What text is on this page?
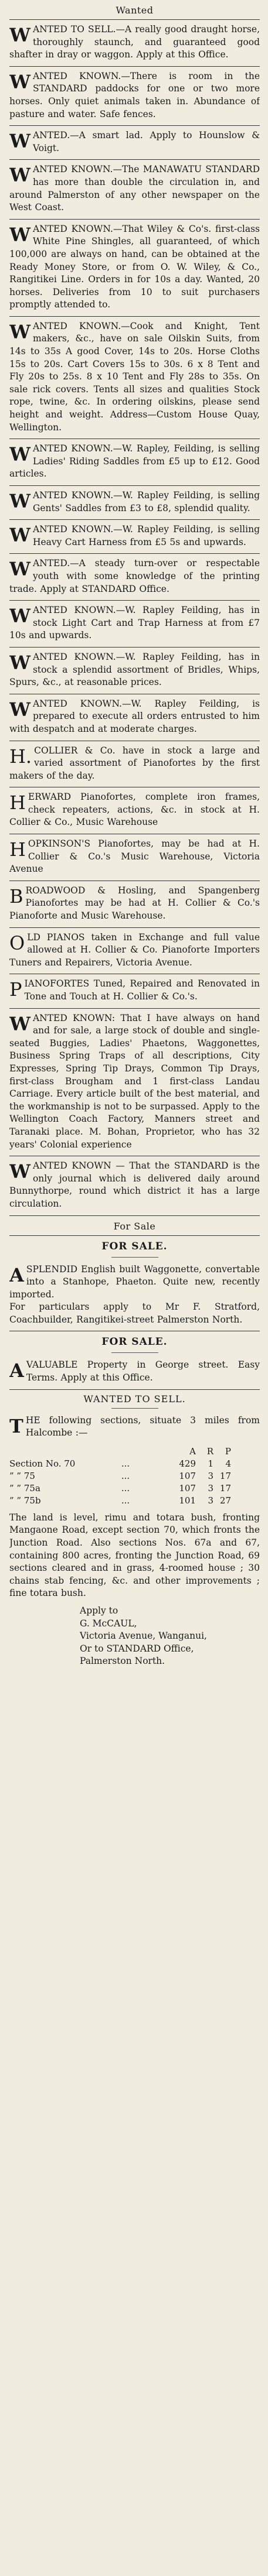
Wanted
WANTED TO SELL.—A really good draught horse, thoroughly staunch, and guaranteed good shafter in dray or waggon. Apply at this Office.
WANTED KNOWN.—There is room in the STANDARD paddocks for one or two more horses. Only quiet animals taken in. Abundance of pasture and water. Safe fences.
WANTED.—A smart lad. Apply to Hounslow & Voigt.
WANTED KNOWN.—The MANAWATU STANDARD has more than double the circulation in, and around Palmerston of any other newspaper on the West Coast.
WANTED KNOWN.—That Wiley & Co's. first-class White Pine Shingles, all guaranteed, of which 100,000 are always on hand, can be obtained at the Ready Money Store, or from O. W. Wiley, & Co., Rangitikei Line. Orders in for 10s a day. Wanted, 20 horses. Deliveries from 10 to suit purchasers promptly attended to.
WANTED KNOWN.—Cook and Knight, Tent makers, &c., have on sale Oilskin Suits, from 14s to 35s A good Cover, 14s to 20s. Horse Cloths 15s to 20s. Cart Covers 15s to 30s. 6 x 8 Tent and Fly 20s to 25s. 8 x 10 Tent and Fly 28s to 35s. On sale rick covers. Tents all sizes and qualities Stock rope, twine, &c. In ordering oilskins, please send height and weight. Address—Custom House Quay, Wellington.
WANTED KNOWN.—W. Rapley, Feilding, is selling Ladies' Riding Saddles from £5 up to £12. Good articles.
WANTED KNOWN.—W. Rapley Feilding, is selling Gents' Saddles from £3 to £8, splendid quality.
WANTED KNOWN.—W. Rapley Feilding, is selling Heavy Cart Harness from £5 5s and upwards.
WANTED.—A steady turn-over or respectable youth with some knowledge of the printing trade. Apply at STANDARD Office.
WANTED KNOWN.—W. Rapley Feilding, has in stock Light Cart and Trap Harness at from £7 10s and upwards.
WANTED KNOWN.—W. Rapley Feilding, has in stock a splendid assortment of Bridles, Whips, Spurs, &c., at reasonable prices.
WANTED KNOWN.—W. Rapley Feilding, is prepared to execute all orders entrusted to him with despatch and at moderate charges.
H. COLLIER & Co. have in stock a large and varied assortment of Pianofortes by the first makers of the day.
HERWARD Pianofortes, complete iron frames, check repeaters, actions, &c. in stock at H. Collier & Co., Music Warehouse
HOPKINSON'S Pianofortes, may be had at H. Collier & Co.'s Music Warehouse, Victoria Avenue
BROADWOOD & Hosling, and Spangenberg Pianofortes may be had at H. Collier & Co.'s Pianoforte and Music Warehouse.
OLD PIANOS taken in Exchange and full value allowed at H. Collier & Co. Pianoforte Importers Tuners and Repairers, Victoria Avenue.
PIANOFORTES Tuned, Repaired and Renovated in Tone and Touch at H. Collier & Co.'s.
WANTED KNOWN: That I have always on hand and for sale, a large stock of double and single-seated Buggies, Ladies' Phaetons, Waggonettes, Business Spring Traps of all descriptions, City Expresses, Spring Tip Drays, Common Tip Drays, first-class Brougham and 1 first-class Landau Carriage. Every article built of the best material, and the workmanship is not to be surpassed. Apply to the Wellington Coach Factory, Manners street and Taranaki place. M. Bohan, Proprietor, who has 32 years' Colonial experience
WANTED KNOWN — That the STANDARD is the only journal which is delivered daily around Bunnythorpe, round which district it has a large circulation.
For Sale
FOR SALE.
ASPLENDID English built Waggonette, convertable into a Stanhope, Phaeton. Quite new, recently imported.
For particulars apply to Mr F. Stratford, Coachbuilder, Rangitikei-street Palmerston North.
FOR SALE.
AVALUABLE Property in George street. Easy Terms. Apply at this Office.
WANTED TO SELL.
THE following sections, situate 3 miles from Halcombe :—
A	R	P
Section No. 70	...	429	1	4
” ” 75	...	107	3 17
” ” 75a	...	107	3 17
” ” 75b	...	101	3 27
The land is level, rimu and totara bush, fronting Mangaone Road, except section 70, which fronts the Junction Road. Also sections Nos. 67a and 67, containing 800 acres, fronting the Junction Road, 69 sections cleared and in grass, 4-roomed house ; 30 chains stab fencing, &c. and other improvements ; fine totara bush.
Apply to
G. McCAUL,
Victoria Avenue, Wanganui,
Or to STANDARD Office,
Palmerston North.
